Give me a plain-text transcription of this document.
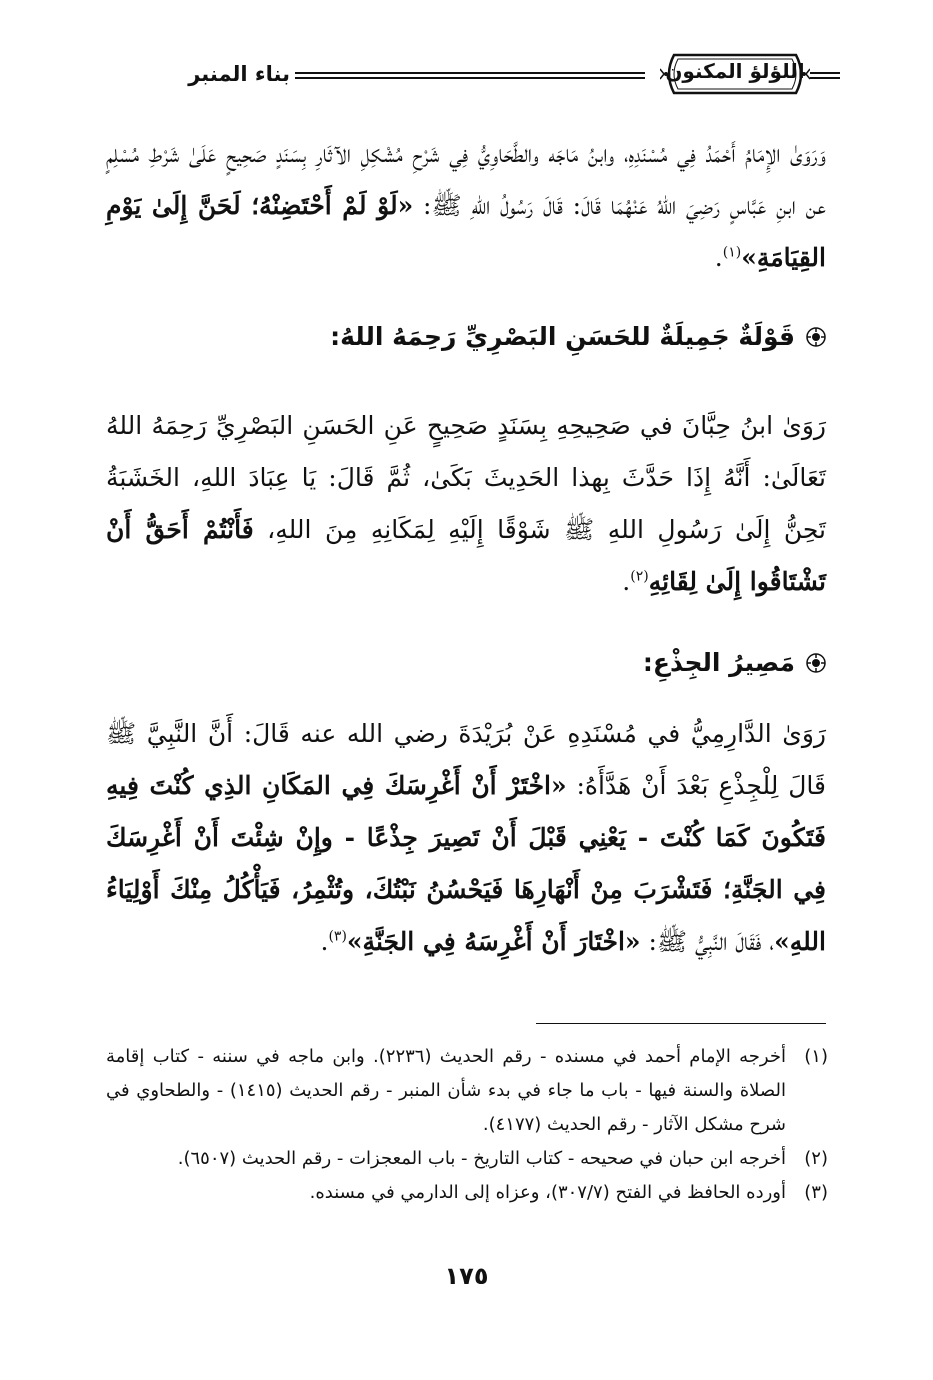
اللؤلؤ المكنون
بناء المنبر
وَرَوَىٰ الإِمَامُ أَحْمَدُ فِي مُسْنَدِهِ، وابنُ مَاجَه والطَّحَاوِيُّ فِي شَرْحِ مُشْكِلِ الآثَارِ بِسَنَدٍ صَحِيحٍ عَلَىٰ شَرْطِ مُسْلِمٍ عن ابنِ عَبَّاسٍ رَضِيَ اللهُ عَنْهُمَا قَالَ: قَالَ رَسُولُ اللهِ ﷺ: «لَوْ لَمْ أَحْتَضِنْهُ؛ لَحَنَّ إِلَىٰ يَوْمِ القِيَامَةِ»$^{(١)}$.
قَوْلَةٌ جَمِيلَةٌ للحَسَنِ البَصْرِيِّ رَحِمَهُ اللهُ:
رَوَىٰ ابنُ حِبَّانَ في صَحِيحِهِ بِسَنَدٍ صَحِيحٍ عَنِ الحَسَنِ البَصْرِيِّ رَحِمَهُ اللهُ تَعَالَىٰ: أَنَّهُ إِذَا حَدَّثَ بِهذا الحَدِيثَ بَكَىٰ، ثُمَّ قَالَ: يَا عِبَادَ اللهِ، الخَشَبَةُ تَحِنُّ إِلَىٰ رَسُولِ اللهِ ﷺ شَوْقًا إِلَيْهِ لِمَكَانِهِ مِنَ اللهِ، فَأَنْتُمْ أَحَقُّ أَنْ تَشْتَاقُوا إِلَىٰ لِقَائِهِ$^{(٢)}$.
مَصِيرُ الجِذْعِ:
رَوَىٰ الدَّارِمِيُّ في مُسْنَدِهِ عَنْ بُرَيْدَةَ رضي الله عنه قَالَ: أَنَّ النَّبِيَّ ﷺ قَالَ لِلْجِذْعِ بَعْدَ أَنْ هَدَّأَهُ: «اخْتَرْ أَنْ أَغْرِسَكَ فِي المَكَانِ الذِي كُنْتَ فِيهِ فَتَكُونَ كَمَا كُنْتَ - يَعْنِي قَبْلَ أَنْ تَصِيرَ جِذْعًا - وإِنْ شِئْتَ أَنْ أَغْرِسَكَ فِي الجَنَّةِ؛ فَتَشْرَبَ مِنْ أَنْهَارِهَا فَيَحْسُنُ نَبْتُكَ، وتُثْمِرُ، فَيَأْكُلُ مِنْكَ أَوْلِيَاءُ اللهِ»، فَقَالَ النَّبِيُّ ﷺ: «اخْتَارَ أَنْ أَغْرِسَهُ فِي الجَنَّةِ»$^{(٣)}$.
(١)
أخرجه الإمام أحمد في مسنده - رقم الحديث (٢٢٣٦). وابن ماجه في سننه - كتاب إقامة الصلاة والسنة فيها - باب ما جاء في بدء شأن المنبر - رقم الحديث (١٤١٥) - والطحاوي في شرح مشكل الآثار - رقم الحديث (٤١٧٧).
(٢)
أخرجه ابن حبان في صحيحه - كتاب التاريخ - باب المعجزات - رقم الحديث (٦٥٠٧).
(٣)
أورده الحافظ في الفتح (٣٠٧/٧)، وعزاه إلى الدارمي في مسنده.
١٧٥
